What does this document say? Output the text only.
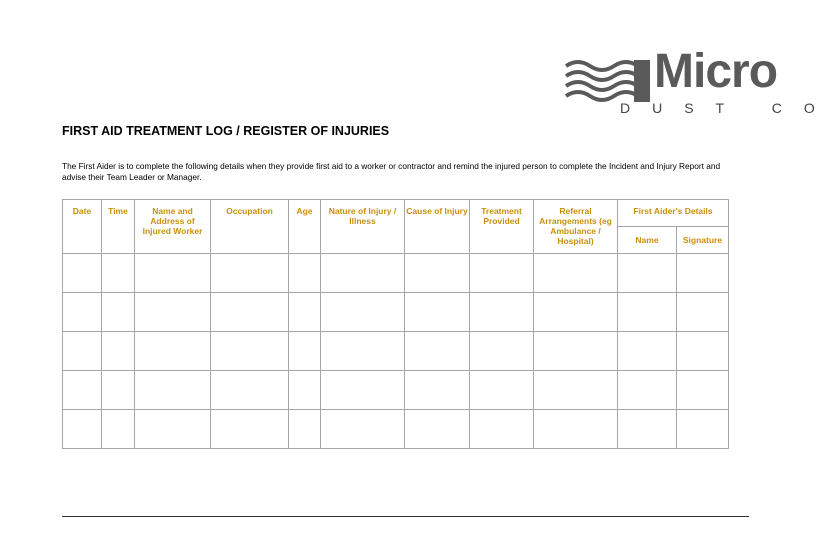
Micro
DUST CO
FIRST AID TREATMENT LOG / REGISTER OF INJURIES

The First Aider is to complete the following details when they provide first aid to a worker or contractor and remind the injured person to complete the Incident and Injury Report and advise their Team Leader or Manager.

Date	Time	Name and Address of Injured Worker	Occupation	Age	Nature of Injury / Illness	Cause of Injury	Treatment Provided	Referral Arrangements (eg Ambulance / Hospital)	First Aider's Details	
									Name	Signature
